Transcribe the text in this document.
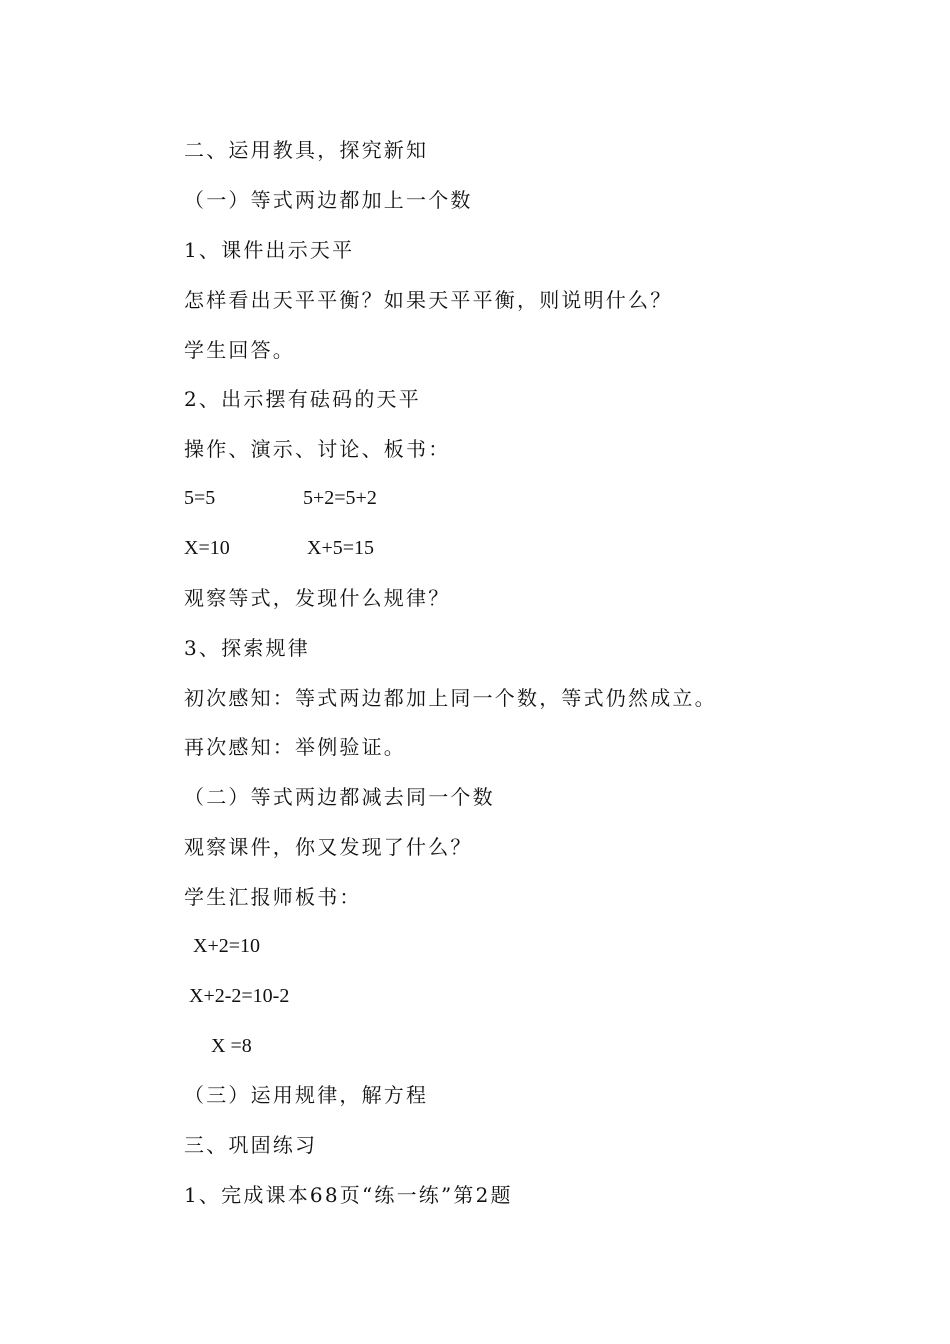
二、运用教具，探究新知
（一）等式两边都加上一个数
1、课件出示天平
怎样看出天平平衡？如果天平平衡，则说明什么？
学生回答。
2、出示摆有砝码的天平
操作、演示、讨论、板书：
5=5	5+2=5+2
X=10	X+5=15
观察等式，发现什么规律？
3、探索规律
初次感知：等式两边都加上同一个数，等式仍然成立。
再次感知：举例验证。
（二）等式两边都减去同一个数
观察课件，你又发现了什么？
学生汇报师板书：
X+2=10
X+2-2=10-2
X =8
（三）运用规律，解方程
三、巩固练习
1、完成课本68页“练一练”第2题
